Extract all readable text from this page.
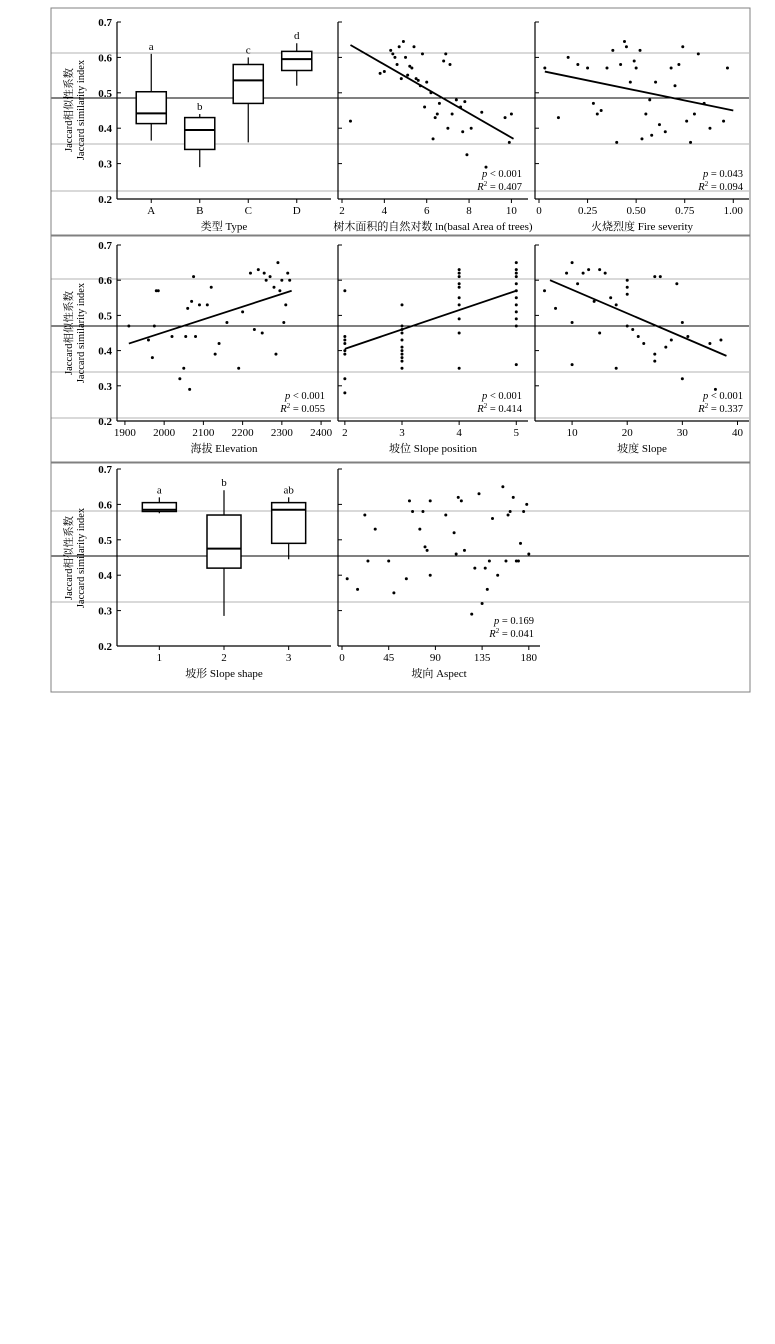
Jaccard相似性系数 Jaccard similarity index
Jaccard相似性系数 Jaccard similarity index
Jaccard相似性系数 Jaccard similarity index
0.2
0.3
0.4
0.5
0.6
0.7
A
a
B
b
C
c
D
d
类型 Type
2	4	6	8	10
p < 0.001
$R^2 = 0.407$
树木面积的自然对数 ln(basal Area of trees)
0	0.25	0.50	0.75	1.00
p = 0.043
$R^2 = 0.094$
火烧烈度 Fire severity
0.2
0.3
0.4
0.5
0.6
0.7
1900 2000 2100 2200 2300 2400
p < 0.001
$R^2 = 0.055$
海拔 Elevation
2	3	4	5
p < 0.001
$R^2 = 0.414$
坡位 Slope position
10	20	30	40
p < 0.001
$R^2 = 0.337$
坡度 Slope
0.2
0.3
0.4
0.5
0.6
0.7
1
a
2
b
3
ab
坡形 Slope shape
0	45	90	135	180
p = 0.169
$R^2 = 0.041$
坡向 Aspect
